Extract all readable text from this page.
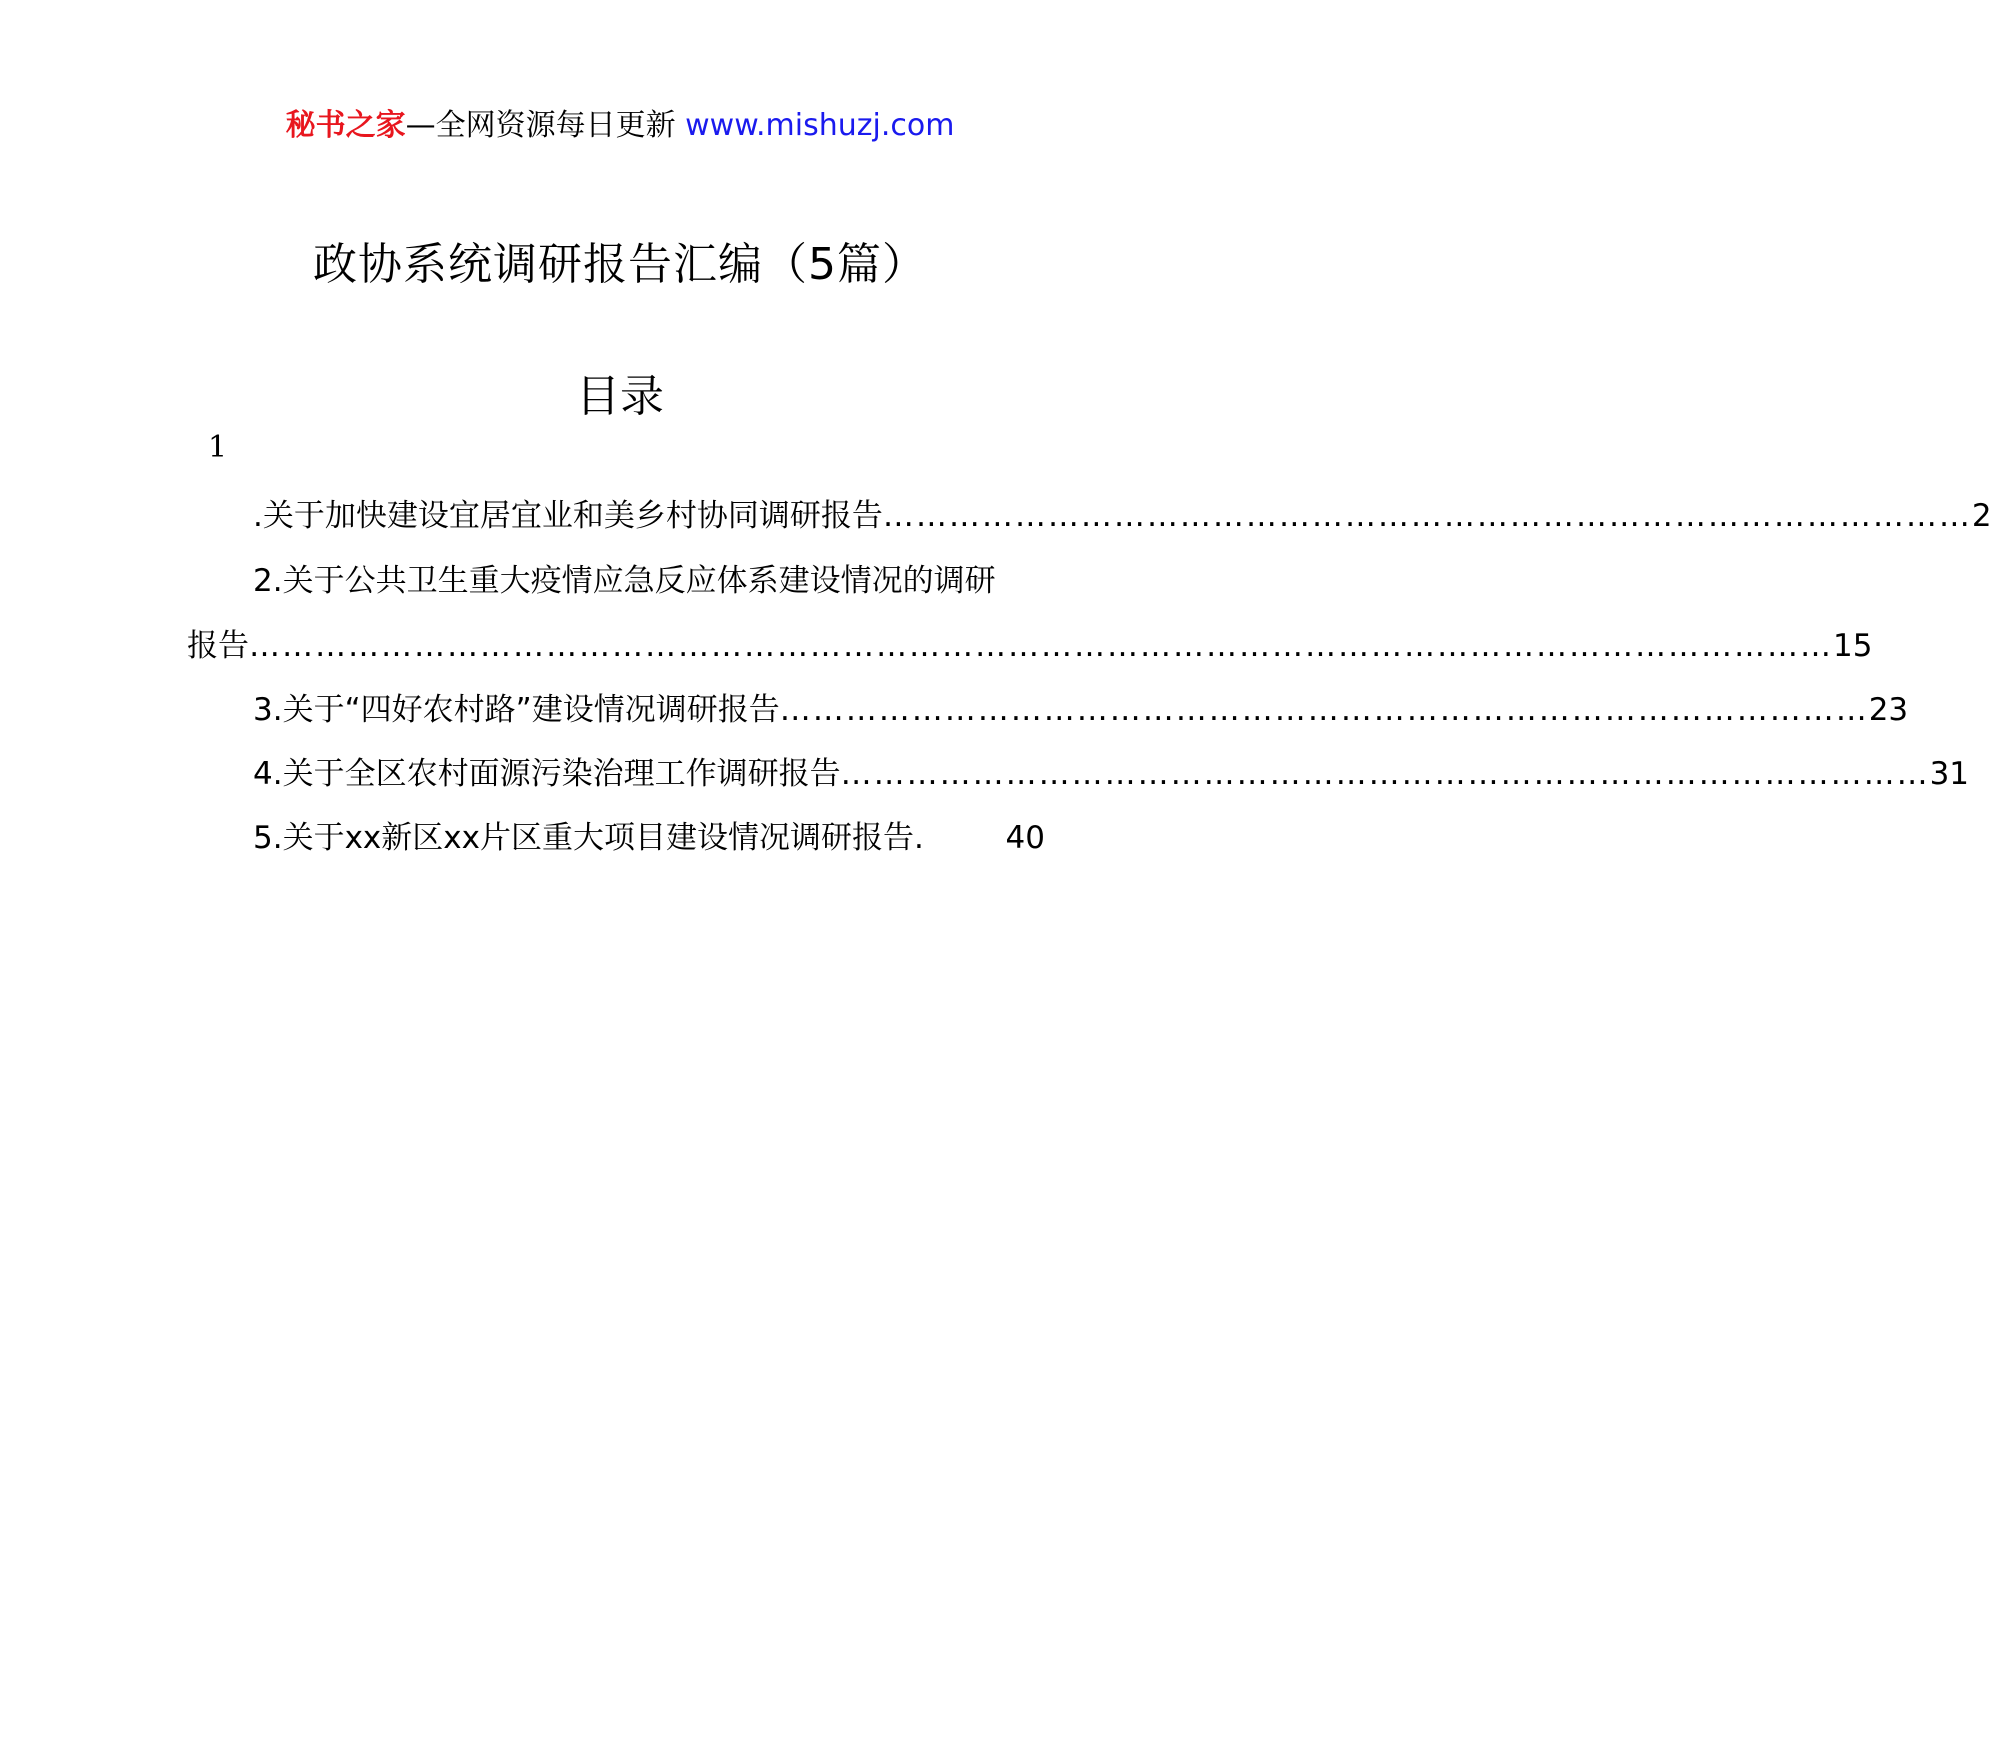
秘书之家—全网资源每日更新 www.mishuzj.com
政协系统调研报告汇编（5篇）
目录
1
.关于加快建设宜居宜业和美乡村协同调研报告 ……………………………………………………………………………………… 2
2.关于公共卫生重大疫情应急反应体系建设情况的调研
报告 ……………………………………………………………………………………………………………………………… 15
3.关于“四好农村路”建设情况调研报告 ……………………………………………………………………………………… 23
4.关于全区农村面源污染治理工作调研报告 ……………………………………………………………………………………… 31
5.关于xx新区xx片区重大项目建设情况调研报告.	40
